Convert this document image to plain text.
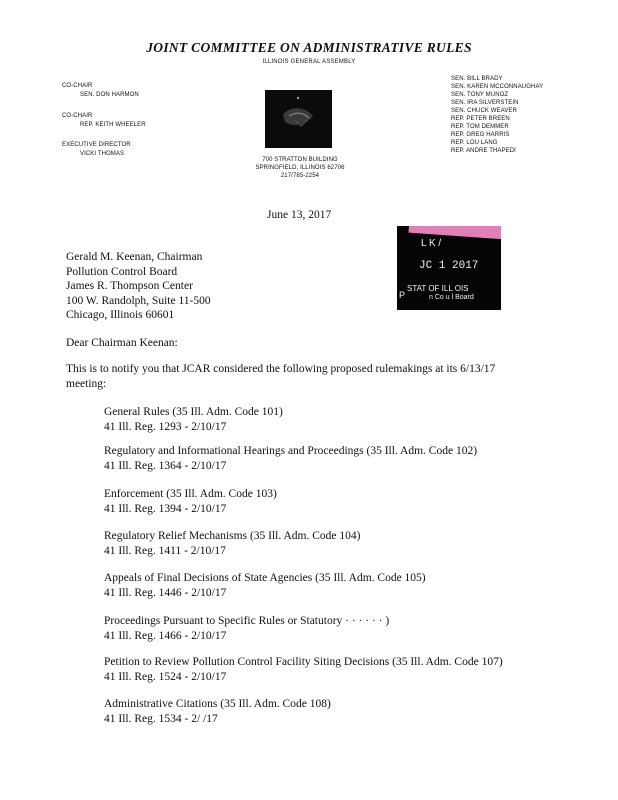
JOINT COMMITTEE ON ADMINISTRATIVE RULES
ILLINOIS GENERAL ASSEMBLY
CO-CHAIR
SEN. DON HARMON
CO-CHAIR
REP. KEITH WHEELER
EXECUTIVE DIRECTOR
VICKI THOMAS
700 STRATTON BUILDING
SPRINGFIELD, ILLINOIS 62706
217/785-2254
SEN. BILL BRADY
SEN. KAREN MCCONNAUGHAY
SEN. TONY MUNOZ
SEN. IRA SILVERSTEIN
SEN. CHUCK WEAVER
REP. PETER BREEN
REP. TOM DEMMER
REP. GREG HARRIS
REP. LOU LANG
REP. ANDRE THAPEDI
June 13, 2017
L K /
JC 1 2017
P
STAT OF ILL OIS
n Co u l Board
Gerald M. Keenan, Chairman
Pollution Control Board
James R. Thompson Center
100 W. Randolph, Suite 11-500
Chicago, Illinois 60601
Dear Chairman Keenan:
This is to notify you that JCAR considered the following proposed rulemakings at its 6/13/17
meeting:
General Rules (35 Ill. Adm. Code 101)
41 Ill. Reg. 1293 - 2/10/17
Regulatory and Informational Hearings and Proceedings (35 Ill. Adm. Code 102)
41 Ill. Reg. 1364 - 2/10/17
Enforcement (35 Ill. Adm. Code 103)
41 Ill. Reg. 1394 - 2/10/17
Regulatory Relief Mechanisms (35 Ill. Adm. Code 104)
41 Ill. Reg. 1411 - 2/10/17
Appeals of Final Decisions of State Agencies (35 Ill. Adm. Code 105)
41 Ill. Reg. 1446 - 2/10/17
Proceedings Pursuant to Specific Rules or Statutory · · · · · · )
41 Ill. Reg. 1466 - 2/10/17
Petition to Review Pollution Control Facility Siting Decisions (35 Ill. Adm. Code 107)
41 Ill. Reg. 1524 - 2/10/17
Administrative Citations (35 Ill. Adm. Code 108)
41 Ill. Reg. 1534 - 2/ /17
